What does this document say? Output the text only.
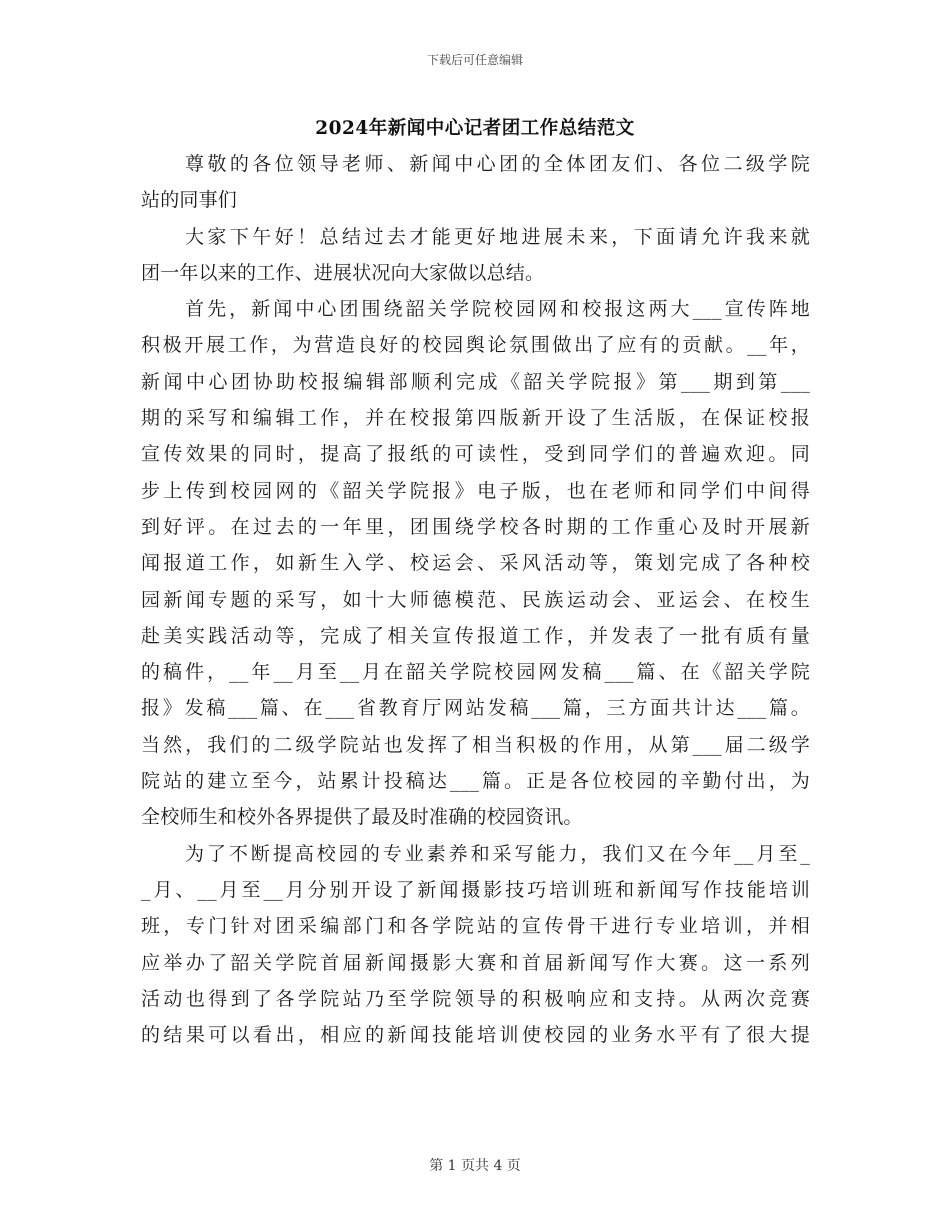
下载后可任意编辑
2024年新闻中心记者团工作总结范文
尊敬的各位领导老师、新闻中心团的全体团友们、各位二级学院
站的同事们
大家下午好！总结过去才能更好地进展未来，下面请允许我来就
团一年以来的工作、进展状况向大家做以总结。
首先，新闻中心团围绕韶关学院校园网和校报这两大___宣传阵地
积极开展工作，为营造良好的校园舆论氛围做出了应有的贡献。__年，
新闻中心团协助校报编辑部顺利完成《韶关学院报》第___期到第___
期的采写和编辑工作，并在校报第四版新开设了生活版，在保证校报
宣传效果的同时，提高了报纸的可读性，受到同学们的普遍欢迎。同
步上传到校园网的《韶关学院报》电子版，也在老师和同学们中间得
到好评。在过去的一年里，团围绕学校各时期的工作重心及时开展新
闻报道工作，如新生入学、校运会、采风活动等，策划完成了各种校
园新闻专题的采写，如十大师德模范、民族运动会、亚运会、在校生
赴美实践活动等，完成了相关宣传报道工作，并发表了一批有质有量
的稿件，__年__月至__月在韶关学院校园网发稿___篇、在《韶关学院
报》发稿___篇、在___省教育厅网站发稿___篇，三方面共计达___篇。
当然，我们的二级学院站也发挥了相当积极的作用，从第___届二级学
院站的建立至今，站累计投稿达___篇。正是各位校园的辛勤付出，为
全校师生和校外各界提供了最及时准确的校园资讯。
为了不断提高校园的专业素养和采写能力，我们又在今年__月至_
_月、__月至__月分别开设了新闻摄影技巧培训班和新闻写作技能培训
班，专门针对团采编部门和各学院站的宣传骨干进行专业培训，并相
应举办了韶关学院首届新闻摄影大赛和首届新闻写作大赛。这一系列
活动也得到了各学院站乃至学院领导的积极响应和支持。从两次竞赛
的结果可以看出，相应的新闻技能培训使校园的业务水平有了很大提
第 1 页共 4 页
